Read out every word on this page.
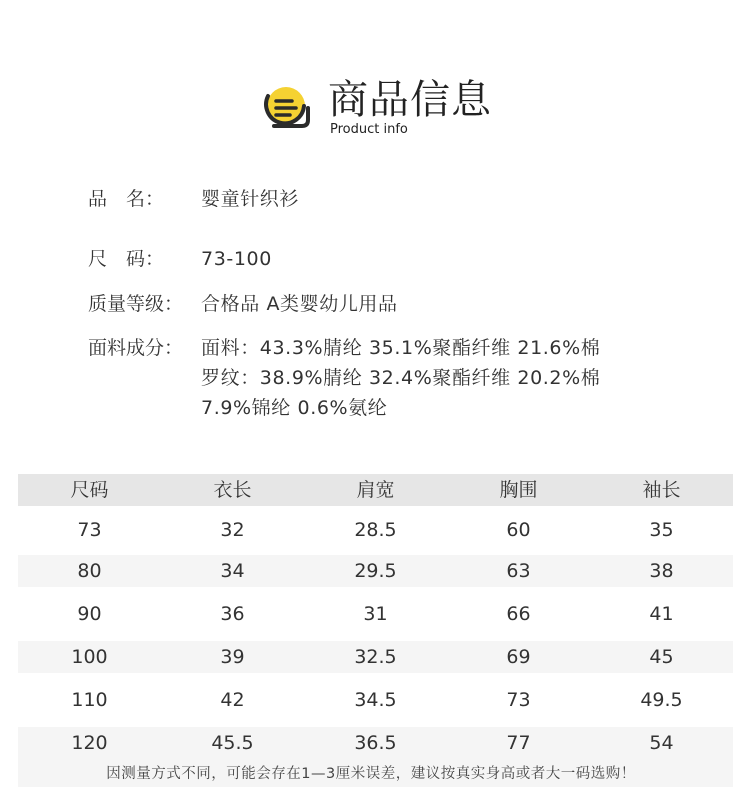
商品信息
Product info
品　名： 婴童针织衫
尺　码： 73-100
质量等级： 合格品 A类婴幼儿用品
面料成分： 面料：43.3%腈纶 35.1%聚酯纤维 21.6%棉
罗纹：38.9%腈纶 32.4%聚酯纤维 20.2%棉
7.9%锦纶 0.6%氨纶
尺码	衣长	肩宽	胸围	袖长
73	32	28.5	60	35
80	34	29.5	63	38
90	36	31	66	41
100	39	32.5	69	45
110	42	34.5	73	49.5
120	45.5	36.5	77	54
因测量方式不同，可能会存在1—3厘米误差，建议按真实身高或者大一码选购！
